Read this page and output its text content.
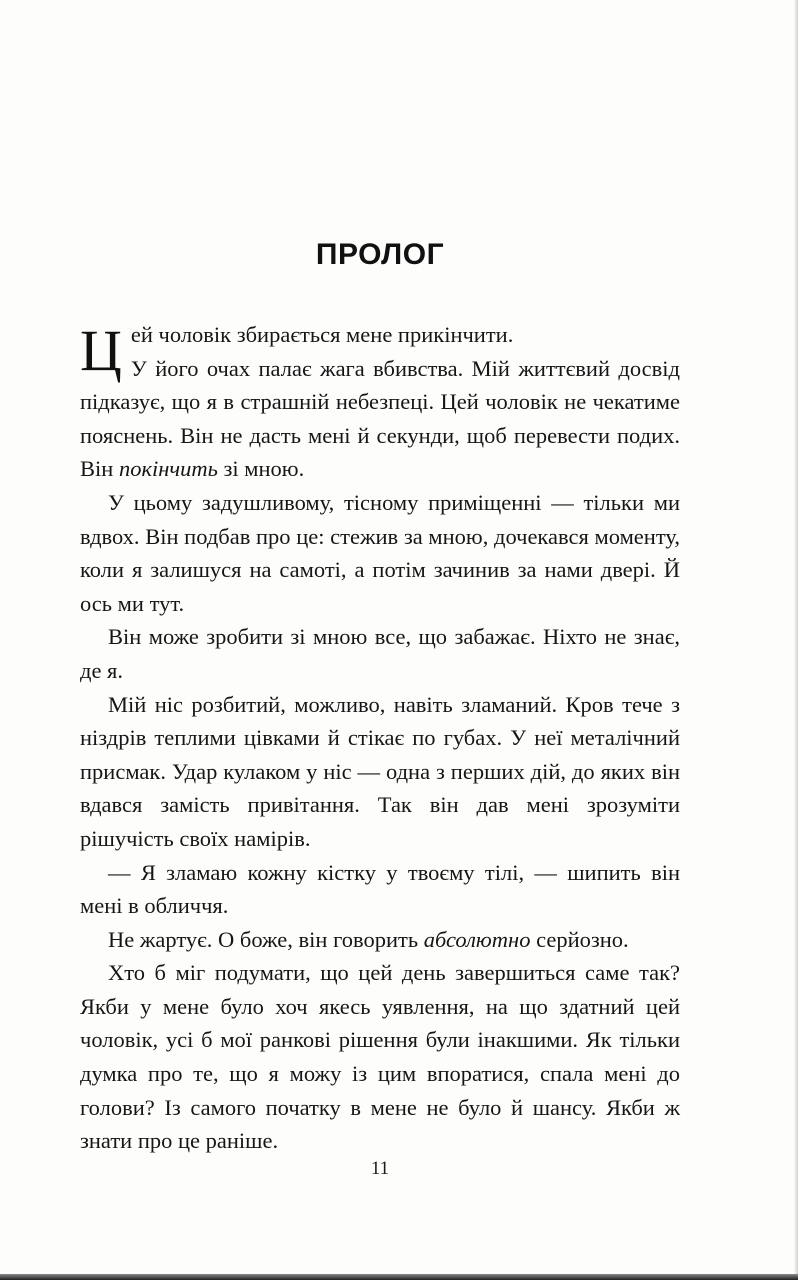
ПРОЛОГ
Ц ей чоловік збирається мене прикінчити.

У його очах палає жага вбивства. Мій життєвий досвід підказує, що я в страшній небезпеці. Цей чоловік не чекатиме пояснень. Він не дасть мені й секунди, щоб перевести подих. Він покінчить зі мною.

У цьому задушливому, тісному приміщенні — тільки ми вдвох. Він подбав про це: стежив за мною, дочекався моменту, коли я залишуся на самоті, а потім зачинив за нами двері. Й ось ми тут.

Він може зробити зі мною все, що забажає. Ніхто не знає, де я.

Мій ніс розбитий, можливо, навіть зламаний. Кров тече з ніздрів теплими цівками й стікає по губах. У неї металічний присмак. Удар кулаком у ніс — одна з перших дій, до яких він вдався замість привітання. Так він дав мені зрозуміти рішучість своїх намірів.

— Я зламаю кожну кістку у твоєму тілі, — шипить він мені в обличчя.

Не жартує. О боже, він говорить абсолютно серйозно.

Хто б міг подумати, що цей день завершиться саме так? Якби у мене було хоч якесь уявлення, на що здатний цей чоловік, усі б мої ранкові рішення були інакшими. Як тільки думка про те, що я можу із цим впоратися, спала мені до голови? Із самого початку в мене не було й шансу. Якби ж знати про це раніше.

11
